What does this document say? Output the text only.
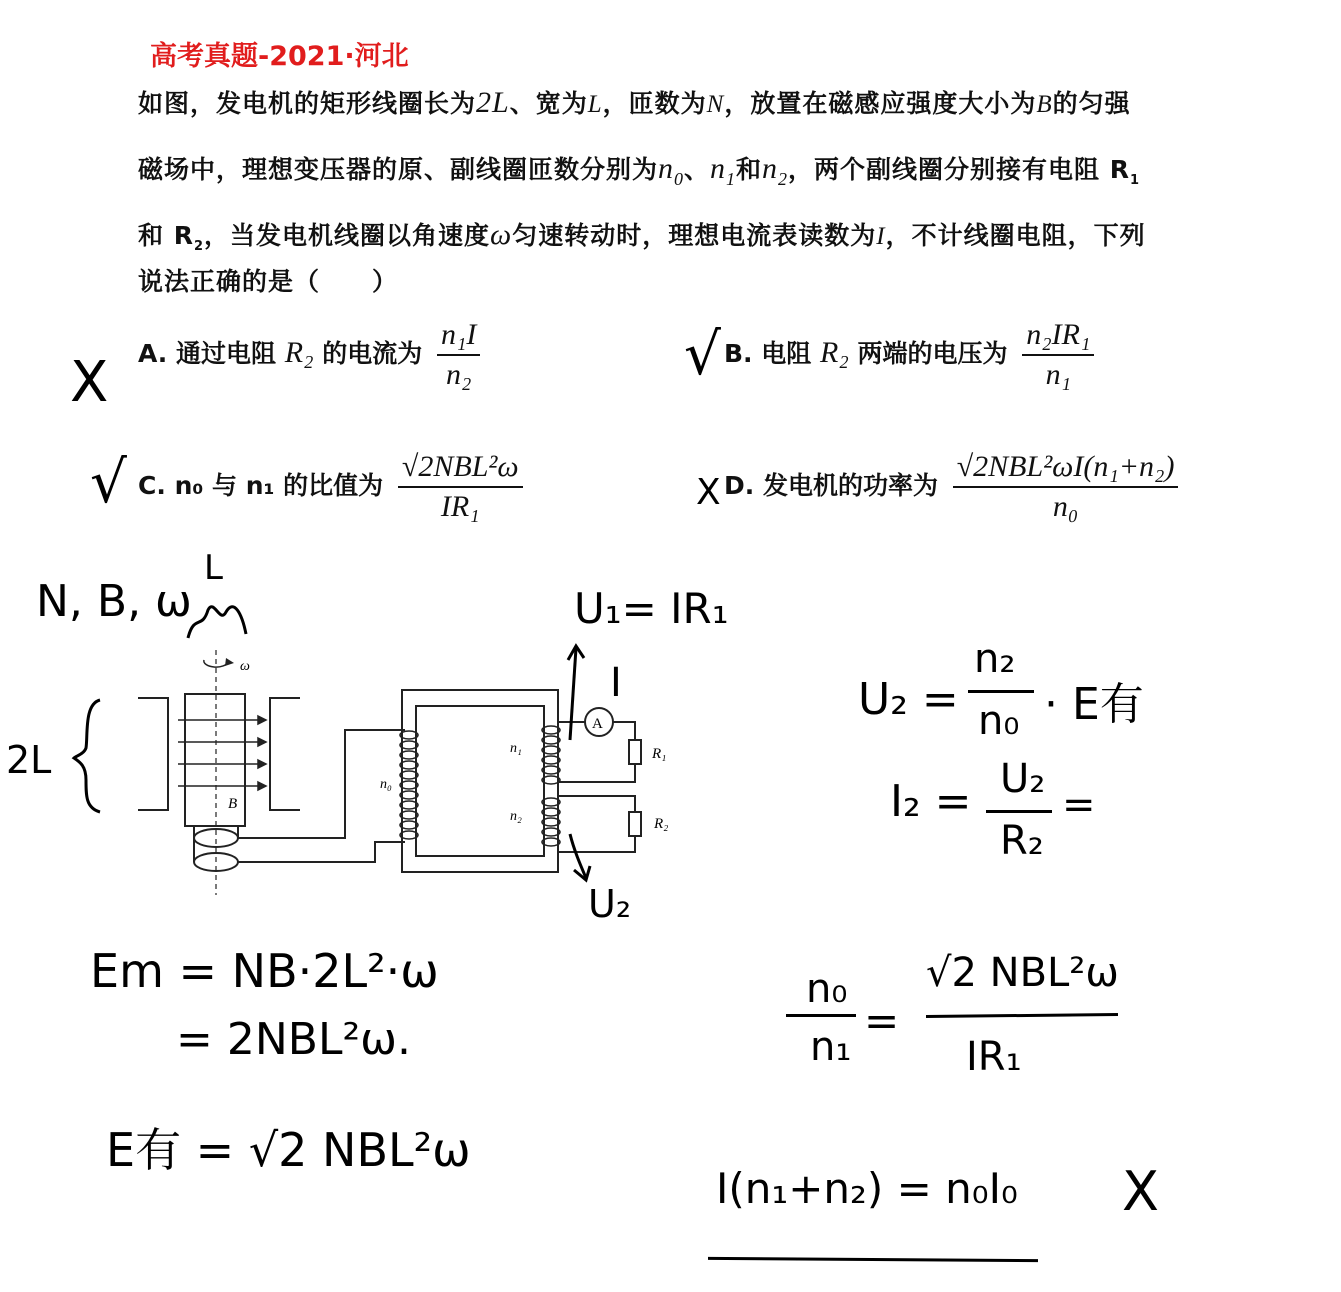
高考真题-2021·河北
如图，发电机的矩形线圈长为2L、宽为L，匝数为N，放置在磁感应强度大小为B的匀强
磁场中，理想变压器的原、副线圈匝数分别为$n_0$、$n_1$和$n_2$，两个副线圈分别接有电阻 $R_1$
和 $R_2$，当发电机线圈以角速度ω匀速转动时，理想电流表读数为I，不计线圈电阻，下列
说法正确的是（　　）
A. 通过电阻 R₂ 的电流为 $\frac{\text{n₁I}}{\text{n₂}}$	B. 电阻 R₂ 两端的电压为 $\frac{\text{n₂IR₁}}{\text{n₁}}$
C. n₀ 与 n₁ 的比值为 $\frac{\text{√2NBL²ω}}{\text{IR₁}}$	D. 发电机的功率为 $\frac{\text{√2NBL²ωI(n₁+n₂)}}{\text{n₀}}$
X	√
√	X
ω
B
n₀
n₁
n₂
A
R₁
R₂
N, B, ω
L
2L
U₁= IR₁
I
U₂
U₂ =
n₂
n₀ · E有
I₂ = U₂
R₂
=
Em = NB·2L²·ω
= 2NBL²ω.
E有 = √2 NBL²ω
n₀
n₁
=
√2 NBL²ω
IR₁
I(n₁+n₂) = n₀I₀ X
